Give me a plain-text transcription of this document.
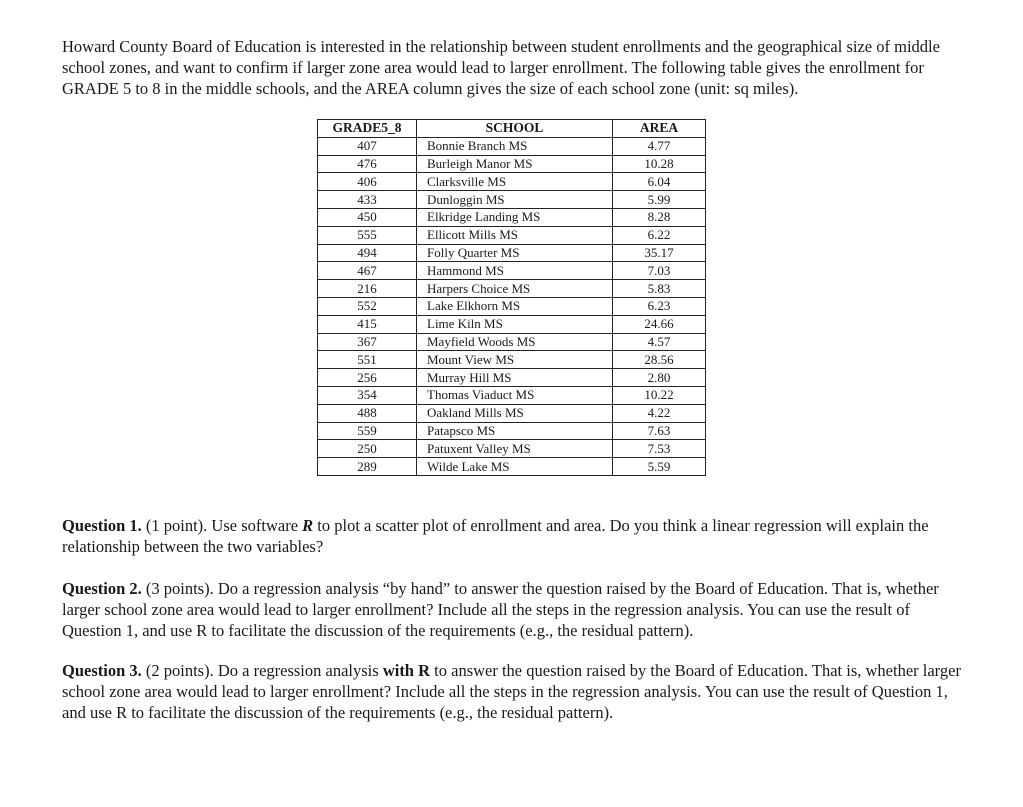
Howard County Board of Education is interested in the relationship between student enrollments and the geographical size of middle school zones, and want to confirm if larger zone area would lead to larger enrollment. The following table gives the enrollment for GRADE 5 to 8 in the middle schools, and the AREA column gives the size of each school zone (unit: sq miles).

GRADE5_8	SCHOOL	AREA
407	Bonnie Branch MS	4.77
476	Burleigh Manor MS	10.28
406	Clarksville MS	6.04
433	Dunloggin MS	5.99
450	Elkridge Landing MS	8.28
555	Ellicott Mills MS	6.22
494	Folly Quarter MS	35.17
467	Hammond MS	7.03
216	Harpers Choice MS	5.83
552	Lake Elkhorn MS	6.23
415	Lime Kiln MS	24.66
367	Mayfield Woods MS	4.57
551	Mount View MS	28.56
256	Murray Hill MS	2.80
354	Thomas Viaduct MS	10.22
488	Oakland Mills MS	4.22
559	Patapsco MS	7.63
250	Patuxent Valley MS	7.53
289	Wilde Lake MS	5.59

Question 1. (1 point). Use software R to plot a scatter plot of enrollment and area. Do you think a linear regression will explain the relationship between the two variables?

Question 2. (3 points). Do a regression analysis “by hand” to answer the question raised by the Board of Education. That is, whether larger school zone area would lead to larger enrollment? Include all the steps in the regression analysis. You can use the result of Question 1, and use R to facilitate the discussion of the requirements (e.g., the residual pattern).

Question 3. (2 points). Do a regression analysis with R to answer the question raised by the Board of Education. That is, whether larger school zone area would lead to larger enrollment? Include all the steps in the regression analysis. You can use the result of Question 1, and use R to facilitate the discussion of the requirements (e.g., the residual pattern).
